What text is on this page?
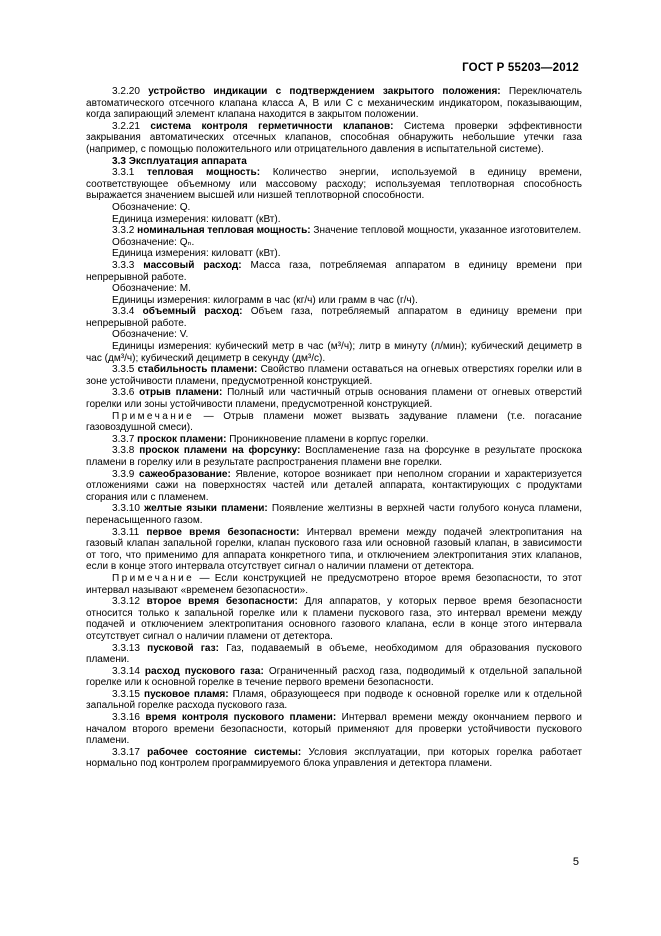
ГОСТ Р 55203—2012

3.2.20 устройство индикации с подтверждением закрытого положения: Переключатель автоматического отсечного клапана класса А, В или С с механическим индикатором, показывающим, когда запирающий элемент клапана находится в закрытом положении.

3.2.21 система контроля герметичности клапанов: Система проверки эффективности закрывания автоматических отсечных клапанов, способная обнаружить небольшие утечки газа (например, с помощью положительного или отрицательного давления в испытательной системе).

3.3 Эксплуатация аппарата

3.3.1 тепловая мощность: Количество энергии, используемой в единицу времени, соответствующее объемному или массовому расходу; используемая теплотворная способность выражается значением высшей или низшей теплотворной способности.

Обозначение: Q.

Единица измерения: киловатт (кВт).

3.3.2 номинальная тепловая мощность: Значение тепловой мощности, указанное изготовителем.

Обозначение: Qₙ.

Единица измерения: киловатт (кВт).

3.3.3 массовый расход: Масса газа, потребляемая аппаратом в единицу времени при непрерывной работе.

Обозначение: М.

Единицы измерения: килограмм в час (кг/ч) или грамм в час (г/ч).

3.3.4 объемный расход: Объем газа, потребляемый аппаратом в единицу времени при непрерывной работе.

Обозначение: V.

Единицы измерения: кубический метр в час (м³/ч); литр в минуту (л/мин); кубический дециметр в час (дм³/ч); кубический дециметр в секунду (дм³/с).

3.3.5 стабильность пламени: Свойство пламени оставаться на огневых отверстиях горелки или в зоне устойчивости пламени, предусмотренной конструкцией.

3.3.6 отрыв пламени: Полный или частичный отрыв основания пламени от огневых отверстий горелки или зоны устойчивости пламени, предусмотренной конструкцией.

Примечание — Отрыв пламени может вызвать задувание пламени (т.е. погасание газовоздушной смеси).

3.3.7 проскок пламени: Проникновение пламени в корпус горелки.

3.3.8 проскок пламени на форсунку: Воспламенение газа на форсунке в результате проскока пламени в горелку или в результате распространения пламени вне горелки.

3.3.9 сажеобразование: Явление, которое возникает при неполном сгорании и характеризуется отложениями сажи на поверхностях частей или деталей аппарата, контактирующих с продуктами сгорания или с пламенем.

3.3.10 желтые языки пламени: Появление желтизны в верхней части голубого конуса пламени, перенасыщенного газом.

3.3.11 первое время безопасности: Интервал времени между подачей электропитания на газовый клапан запальной горелки, клапан пускового газа или основной газовый клапан, в зависимости от того, что применимо для аппарата конкретного типа, и отключением электропитания этих клапанов, если в конце этого интервала отсутствует сигнал о наличии пламени от детектора.

Примечание — Если конструкцией не предусмотрено второе время безопасности, то этот интервал называют «временем безопасности».

3.3.12 второе время безопасности: Для аппаратов, у которых первое время безопасности относится только к запальной горелке или к пламени пускового газа, это интервал времени между подачей и отключением электропитания основного газового клапана, если в конце этого интервала отсутствует сигнал о наличии пламени от детектора.

3.3.13 пусковой газ: Газ, подаваемый в объеме, необходимом для образования пускового пламени.

3.3.14 расход пускового газа: Ограниченный расход газа, подводимый к отдельной запальной горелке или к основной горелке в течение первого времени безопасности.

3.3.15 пусковое пламя: Пламя, образующееся при подводе к основной горелке или к отдельной запальной горелке расхода пускового газа.

3.3.16 время контроля пускового пламени: Интервал времени между окончанием первого и началом второго времени безопасности, который применяют для проверки устойчивости пускового пламени.

3.3.17 рабочее состояние системы: Условия эксплуатации, при которых горелка работает нормально под контролем программируемого блока управления и детектора пламени.

5
